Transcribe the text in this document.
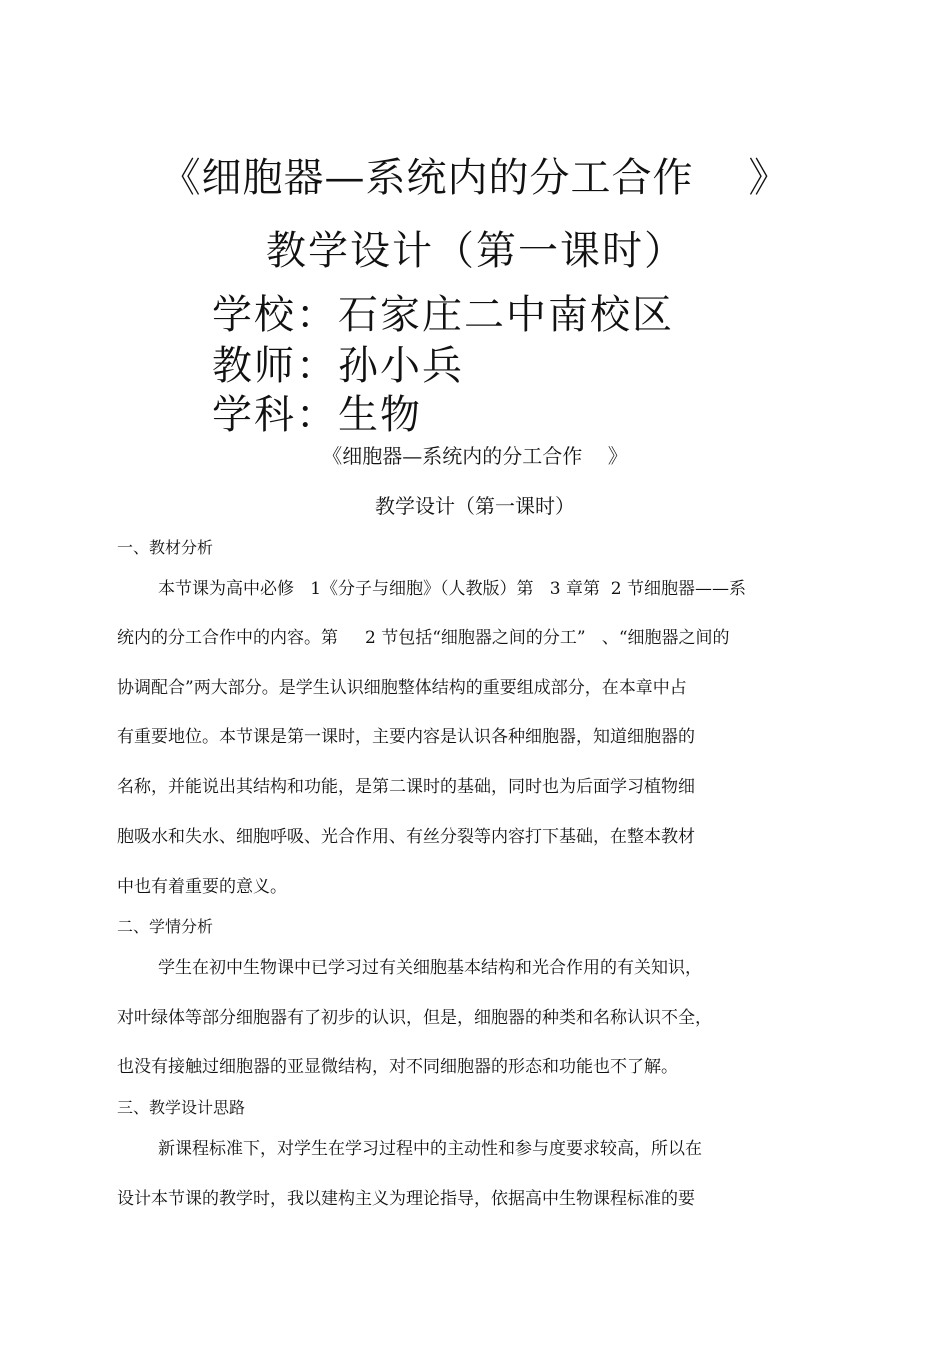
《细胞器—系统内的分工合作    》
教学设计（第一课时）
学校：石家庄二中南校区
教师：孙小兵
学科：生物
《细胞器—系统内的分工合作    》
教学设计（第一课时）
一、教材分析
本节课为高中必修   1《分子与细胞》（人教版）第   3 章第  2 节细胞器——系
统内的分工合作中的内容。第     2 节包括“细胞器之间的分工”   、“细胞器之间的
协调配合”两大部分。是学生认识细胞整体结构的重要组成部分，在本章中占
有重要地位。本节课是第一课时，主要内容是认识各种细胞器，知道细胞器的
名称，并能说出其结构和功能，是第二课时的基础，同时也为后面学习植物细
胞吸水和失水、细胞呼吸、光合作用、有丝分裂等内容打下基础，在整本教材
中也有着重要的意义。
二、学情分析
学生在初中生物课中已学习过有关细胞基本结构和光合作用的有关知识，
对叶绿体等部分细胞器有了初步的认识，但是，细胞器的种类和名称认识不全，
也没有接触过细胞器的亚显微结构，对不同细胞器的形态和功能也不了解。
三、教学设计思路
新课程标准下，对学生在学习过程中的主动性和参与度要求较高，所以在
设计本节课的教学时，我以建构主义为理论指导，依据高中生物课程标准的要
